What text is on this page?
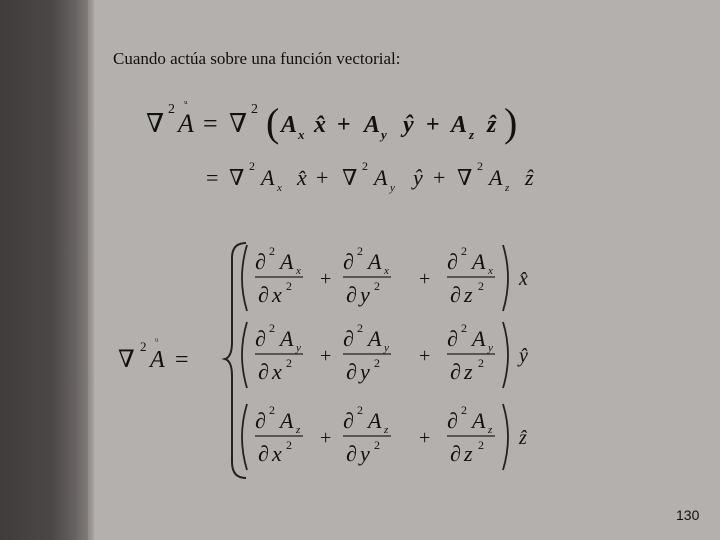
Cuando actúa sobre una función vectorial:

∇ 2 ᵘ
A = ∇ 2 ( A x x̂ + A y ŷ + A z ẑ )
= ∇ 2 A x x̂ + ∇ 2 A y ŷ + ∇ 2 A z ẑ
∇
2 ᵘ
A =
∂ 2 A x
∂ x 2
∂ 2 A x
∂ y 2
∂ 2 A x
∂ z 2
+	+	x̂
∂ 2 A y
∂ x 2
∂ 2 A y
∂ y 2
∂ 2 A y
∂ z 2
+	+	ŷ
∂ 2 A z
∂ x 2
∂ 2 A z
∂ y 2
∂ 2 A z
∂ z 2
+	+	ẑ
130
